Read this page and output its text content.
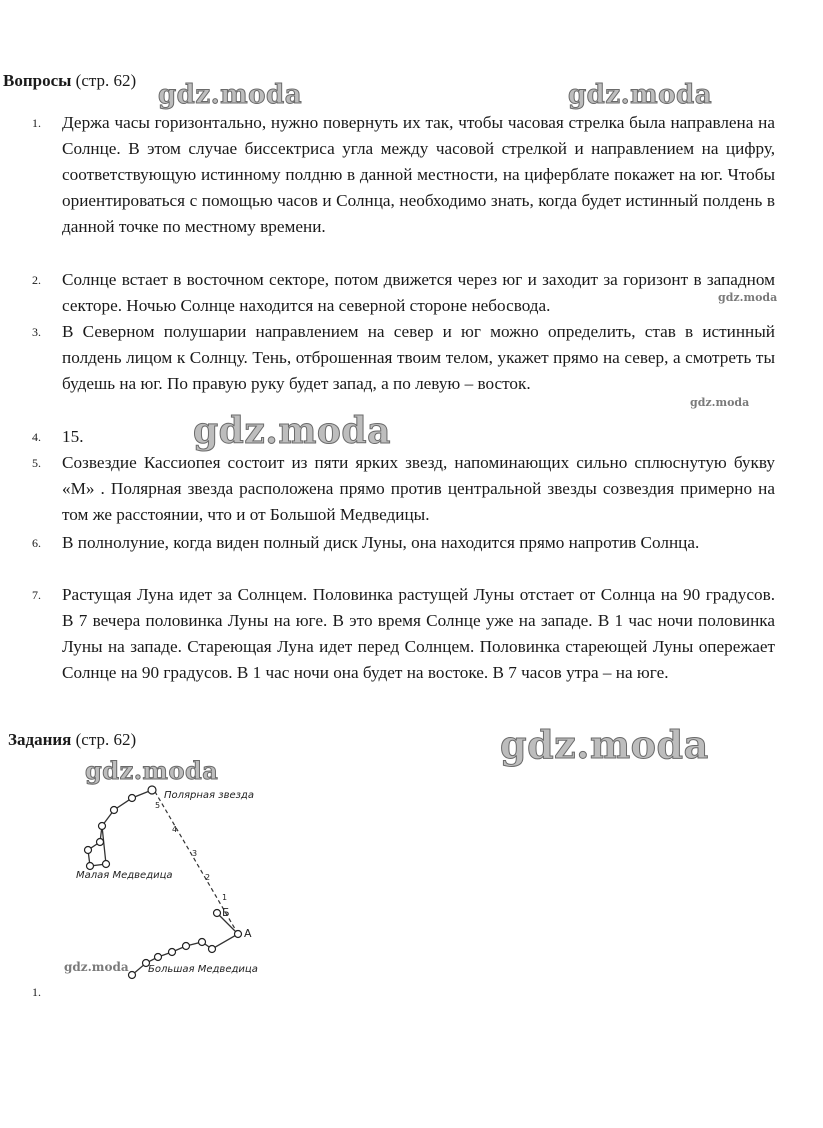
Вопросы (стр. 62)
1. Держа часы горизонтально, нужно повернуть их так, чтобы часовая стрелка была направлена на Солнце. В этом случае биссектриса угла между часовой стрелкой и направлением на цифру, соответствующую истинному полдню в данной местности, на циферблате покажет на юг. Чтобы ориентироваться с помощью часов и Солнца, необходимо знать, когда будет истинный полдень в данной точке по местному времени.
2. Солнце встает в восточном секторе, потом движется через юг и заходит за горизонт в западном секторе. Ночью Солнце находится на северной стороне небосвода.
3. В Северном полушарии направлением на север и юг можно определить, став в истинный полдень лицом к Солнцу. Тень, отброшенная твоим телом, укажет прямо на север, а смотреть ты будешь на юг. По правую руку будет запад, а по левую – восток.
4. 15.
5. Созвездие Кассиопея состоит из пяти ярких звезд, напоминающих сильно сплюснутую букву «М» . Полярная звезда расположена прямо против центральной звезды созвездия примерно на том же расстоянии, что и от Большой Медведицы.
6. В полнолуние, когда виден полный диск Луны, она находится прямо напротив Солнца.
7. Растущая Луна идет за Солнцем. Половинка растущей Луны отстает от Солнца на 90 градусов. В 7 вечера половинка Луны на юге. В это время Солнце уже на западе. В 1 час ночи половинка Луны на западе. Стареющая Луна идет перед Солнцем. Половинка стареющей Луны опережает Солнце на 90 градусов. В 1 час ночи она будет на востоке. В 7 часов утра – на юге.
Задания (стр. 62)
Полярная звезда
Малая Медведица
Большая Медведица
Б
А
5
4
3
2
1
1.
gdz.moda	gdz.moda
gdz.moda
gdz.moda
gdz.moda
gdz.moda
gdz.moda
gdz.moda
